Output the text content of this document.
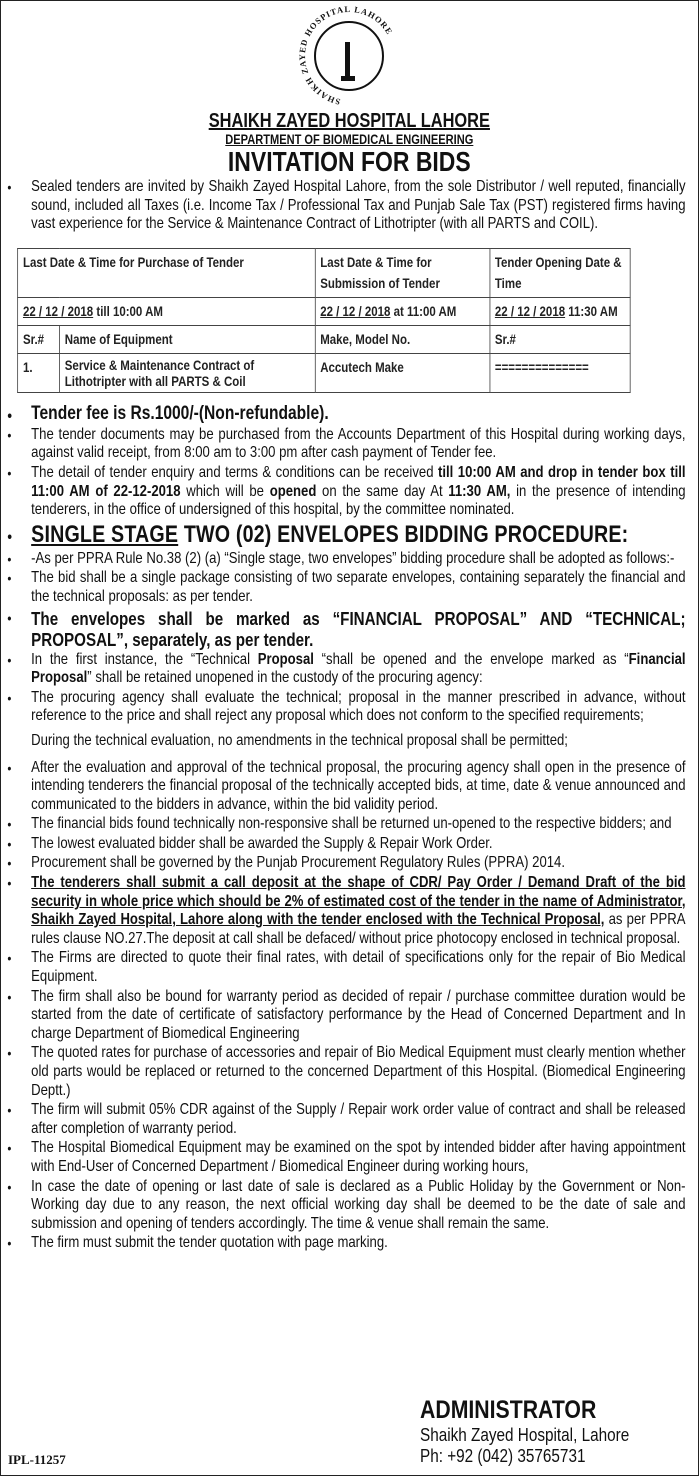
SHAIKH ZAYED HOSPITAL LAHORE
SHAIKH ZAYED HOSPITAL LAHORE
DEPARTMENT OF BIOMEDICAL ENGINEERING
INVITATION FOR BIDS
• Sealed tenders are invited by Shaikh Zayed Hospital Lahore, from the sole Distributor / well reputed, financially sound, included all Taxes (i.e. Income Tax / Professional Tax and Punjab Sale Tax (PST) registered firms having vast experience for the Service & Maintenance Contract of Lithotripter (with all PARTS and COIL).
Last Date & Time for Purchase of Tender		Last Date & Time for Submission of Tender	Tender Opening Date & Time
22 / 12 / 2018 till 10:00 AM		22 / 12 / 2018 at 11:00 AM	22 / 12 / 2018 11:30 AM
Sr.#	Name of Equipment	Make, Model No.	Sr.#
1.	Service & Maintenance Contract of Lithotripter with all PARTS & Coil	Accutech Make	==============
• Tender fee is Rs.1000/-(Non-refundable).
• The tender documents may be purchased from the Accounts Department of this Hospital during working days, against valid receipt, from 8:00 am to 3:00 pm after cash payment of Tender fee.
• The detail of tender enquiry and terms & conditions can be received till 10:00 AM and drop in tender box till 11:00 AM of 22-12-2018 which will be opened on the same day At 11:30 AM, in the presence of intending tenderers, in the office of undersigned of this hospital, by the committee nominated.
• SINGLE STAGE TWO (02) ENVELOPES BIDDING PROCEDURE:
• -As per PPRA Rule No.38 (2) (a) “Single stage, two envelopes” bidding procedure shall be adopted as follows:-
• The bid shall be a single package consisting of two separate envelopes, containing separately the financial and the technical proposals: as per tender.
• The envelopes shall be marked as “FINANCIAL PROPOSAL” AND “TECHNICAL; PROPOSAL”, separately, as per tender.
• In the first instance, the “Technical Proposal “shall be opened and the envelope marked as “Financial Proposal” shall be retained unopened in the custody of the procuring agency:
• The procuring agency shall evaluate the technical; proposal in the manner prescribed in advance, without reference to the price and shall reject any proposal which does not conform to the specified requirements;
During the technical evaluation, no amendments in the technical proposal shall be permitted;
• After the evaluation and approval of the technical proposal, the procuring agency shall open in the presence of intending tenderers the financial proposal of the technically accepted bids, at time, date & venue announced and communicated to the bidders in advance, within the bid validity period.
• The financial bids found technically non-responsive shall be returned un-opened to the respective bidders; and
• The lowest evaluated bidder shall be awarded the Supply & Repair Work Order.
• Procurement shall be governed by the Punjab Procurement Regulatory Rules (PPRA) 2014.
• The tenderers shall submit a call deposit at the shape of CDR/ Pay Order / Demand Draft of the bid security in whole price which should be 2% of estimated cost of the tender in the name of Administrator, Shaikh Zayed Hospital, Lahore along with the tender enclosed with the Technical Proposal, as per PPRA rules clause NO.27.The deposit at call shall be defaced/ without price photocopy enclosed in technical proposal.
• The Firms are directed to quote their final rates, with detail of specifications only for the repair of Bio Medical Equipment.
• The firm shall also be bound for warranty period as decided of repair / purchase committee duration would be started from the date of certificate of satisfactory performance by the Head of Concerned Department and In charge Department of Biomedical Engineering
• The quoted rates for purchase of accessories and repair of Bio Medical Equipment must clearly mention whether old parts would be replaced or returned to the concerned Department of this Hospital. (Biomedical Engineering Deptt.)
• The firm will submit 05% CDR against of the Supply / Repair work order value of contract and shall be released after completion of warranty period.
• The Hospital Biomedical Equipment may be examined on the spot by intended bidder after having appointment with End-User of Concerned Department / Biomedical Engineer during working hours,
• In case the date of opening or last date of sale is declared as a Public Holiday by the Government or Non- Working day due to any reason, the next official working day shall be deemed to be the date of sale and submission and opening of tenders accordingly. The time & venue shall remain the same.
• The firm must submit the tender quotation with page marking.
ADMINISTRATOR
Shaikh Zayed Hospital, Lahore
Ph: +92 (042) 35765731
IPL-11257
